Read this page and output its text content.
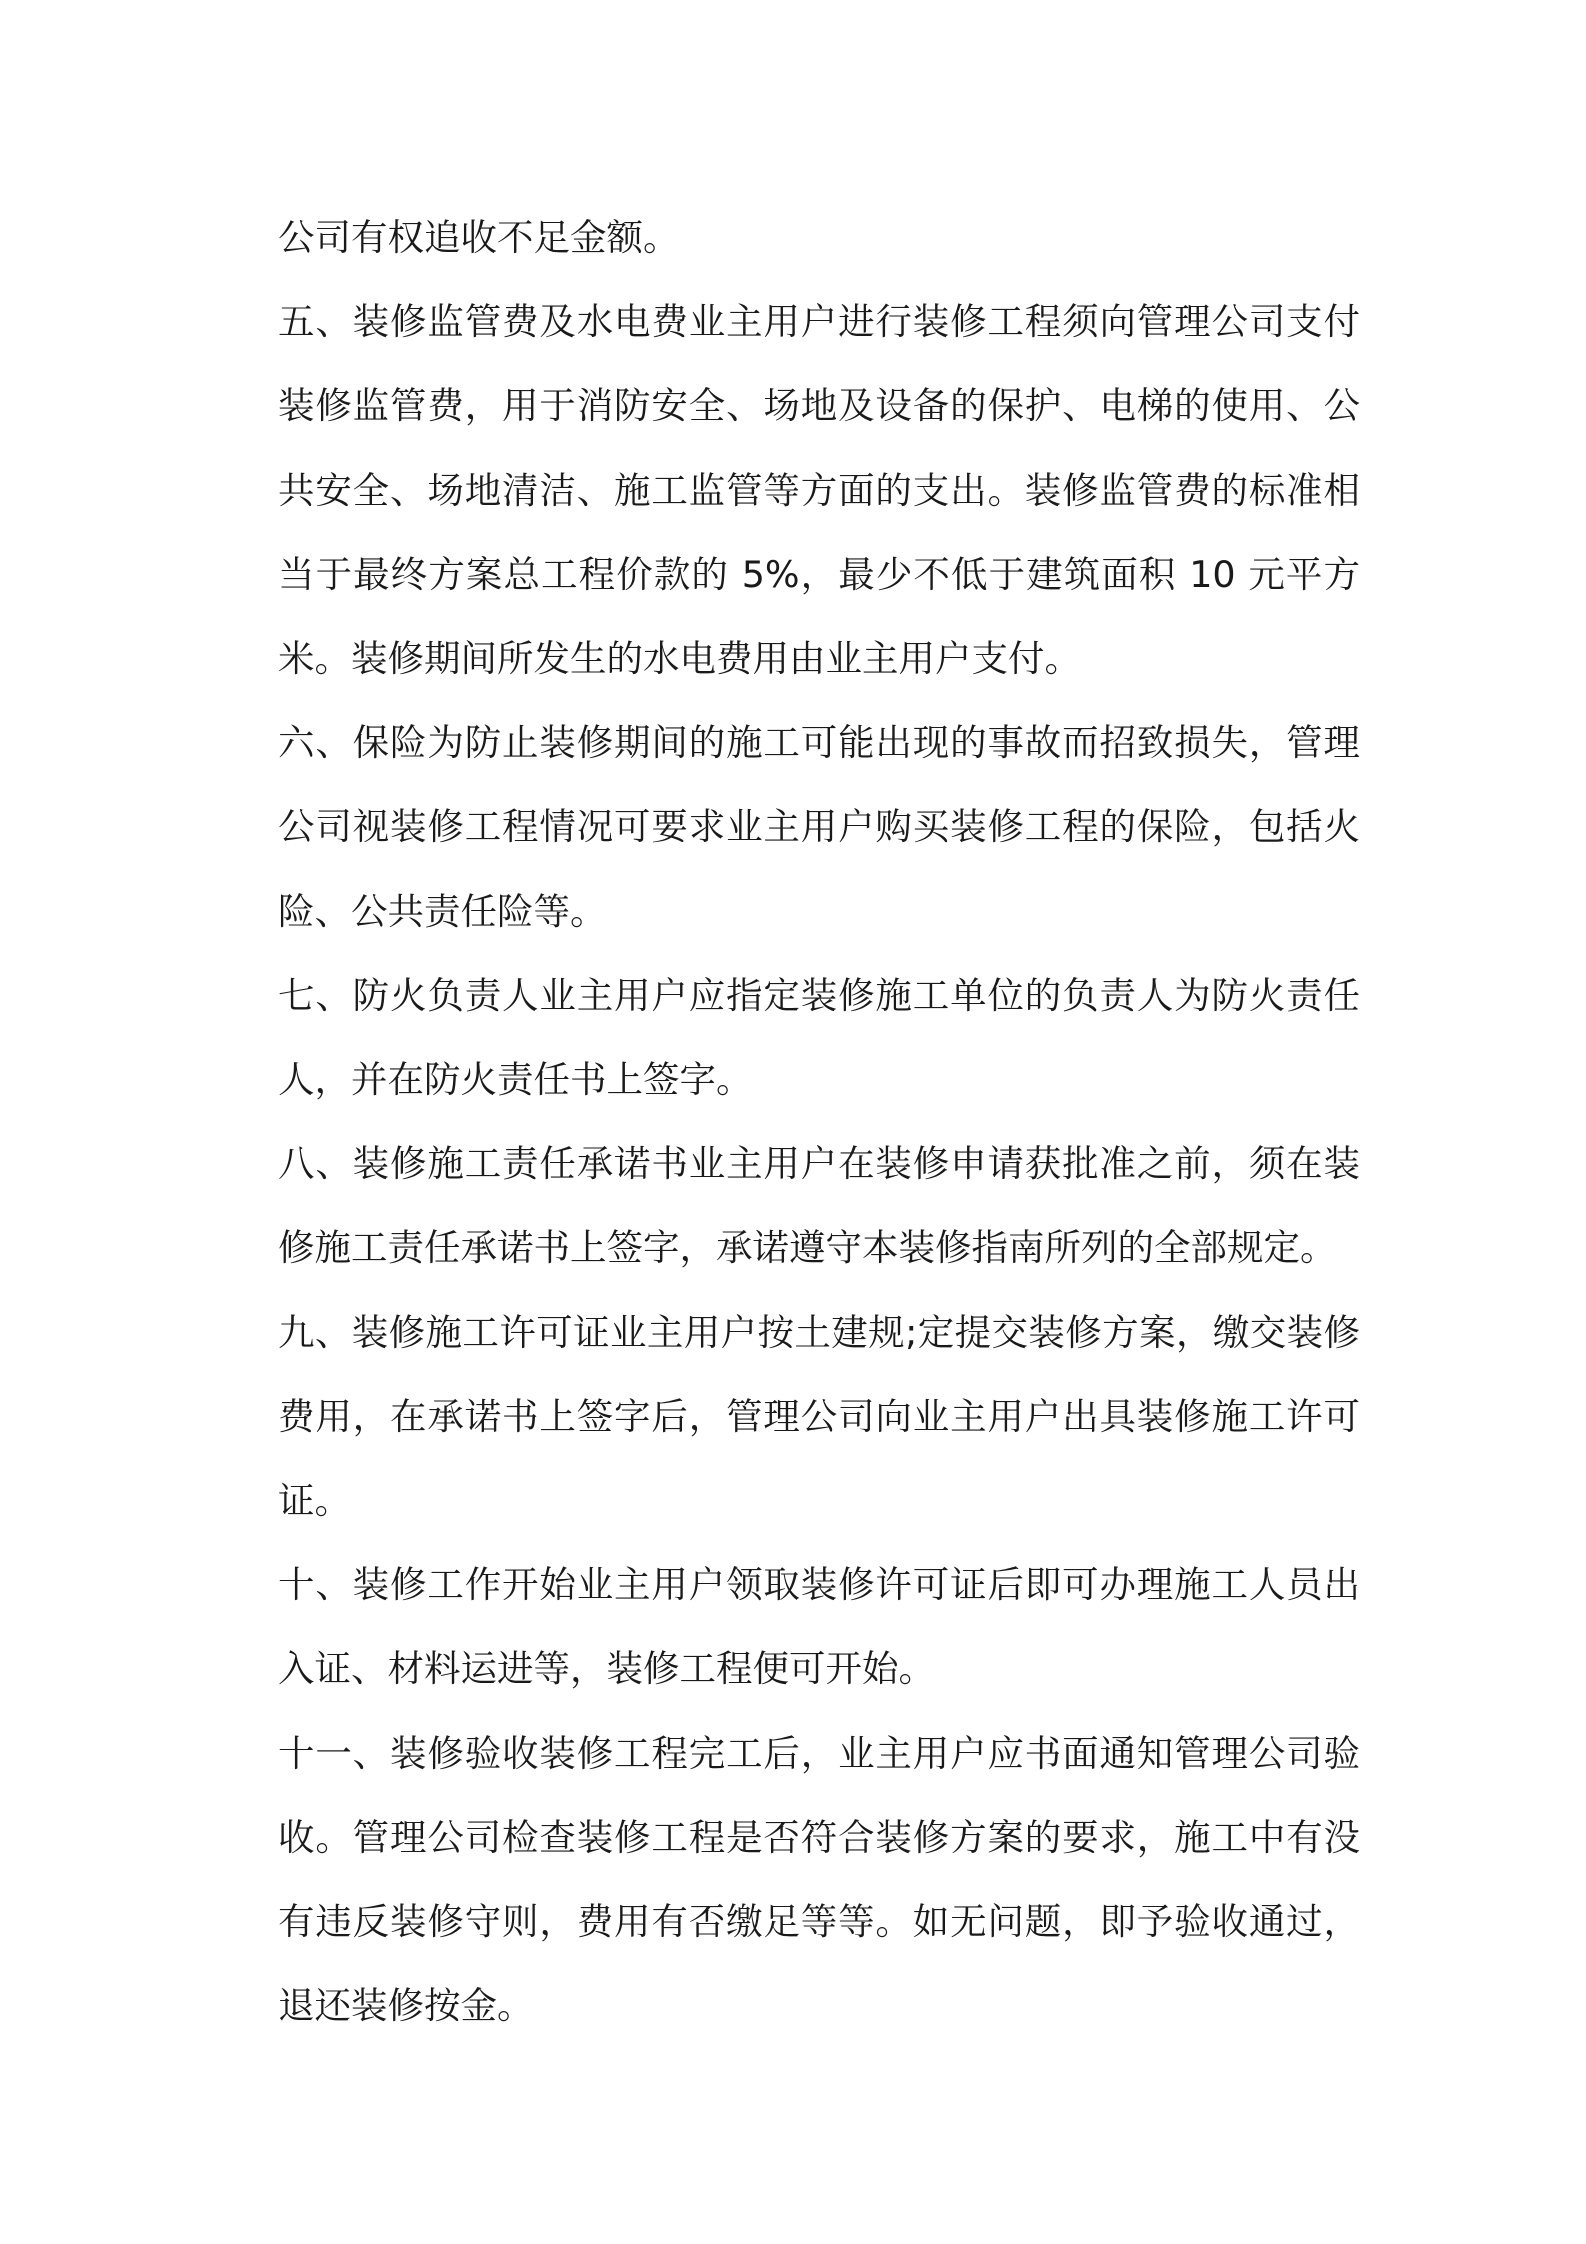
公司有权追收不足金额。

五、装修监管费及水电费业主用户进行装修工程须向管理公司支付装修监管费，用于消防安全、场地及设备的保护、电梯的使用、公共安全、场地清洁、施工监管等方面的支出。装修监管费的标准相当于最终方案总工程价款的 5%，最少不低于建筑面积 10 元平方米。装修期间所发生的水电费用由业主用户支付。

六、保险为防止装修期间的施工可能出现的事故而招致损失，管理公司视装修工程情况可要求业主用户购买装修工程的保险，包括火险、公共责任险等。

七、防火负责人业主用户应指定装修施工单位的负责人为防火责任人，并在防火责任书上签字。

八、装修施工责任承诺书业主用户在装修申请获批准之前，须在装修施工责任承诺书上签字，承诺遵守本装修指南所列的全部规定。

九、装修施工许可证业主用户按土建规;定提交装修方案，缴交装修费用，在承诺书上签字后，管理公司向业主用户出具装修施工许可证。

十、装修工作开始业主用户领取装修许可证后即可办理施工人员出入证、材料运进等，装修工程便可开始。

十一、装修验收装修工程完工后，业主用户应书面通知管理公司验收。管理公司检查装修工程是否符合装修方案的要求，施工中有没有违反装修守则，费用有否缴足等等。如无问题，即予验收通过，退还装修按金。
